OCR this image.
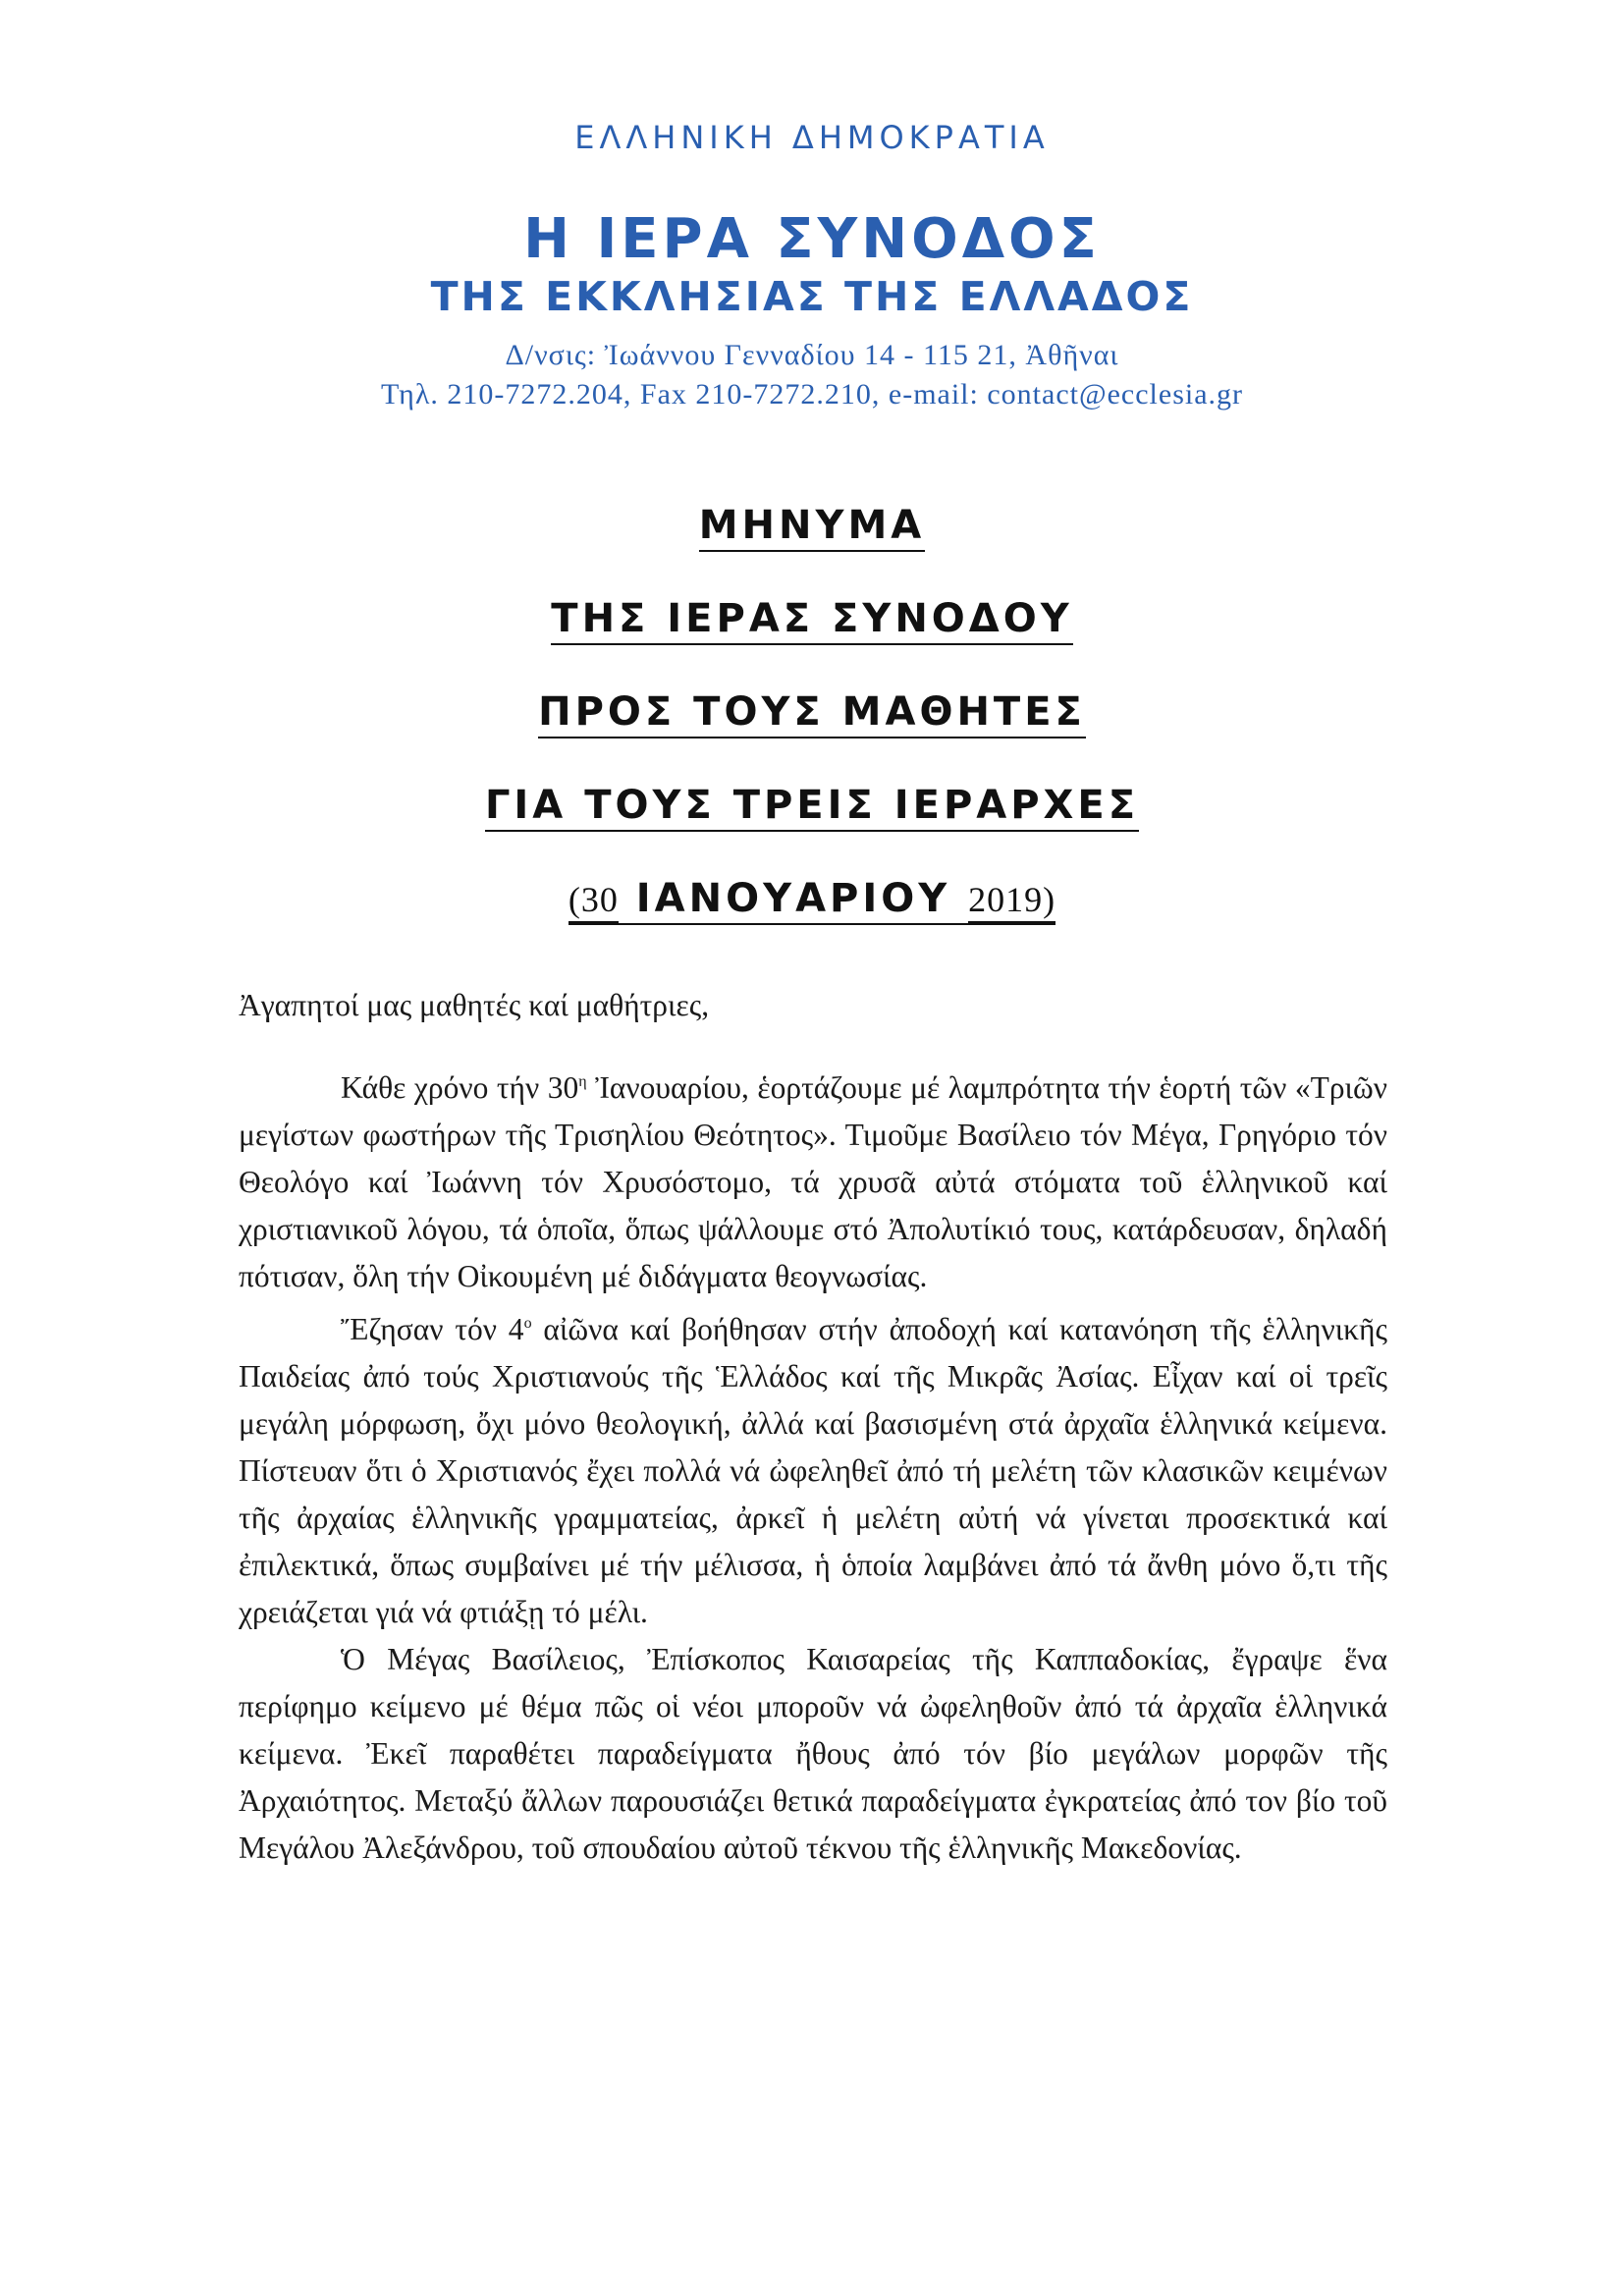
ΕΛΛΗΝΙΚΗ ΔΗΜΟΚΡΑΤΙΑ
Η ΙΕΡΑ ΣΥΝΟΔΟΣ
ΤΗΣ ΕΚΚΛΗΣΙΑΣ ΤΗΣ ΕΛΛΑΔΟΣ
Δ/νσις: Ἰωάννου Γενναδίου 14 - 115 21, Ἀθῆναι
Τηλ. 210-7272.204, Fax 210-7272.210, e-mail: contact@ecclesia.gr
ΜΗΝΥΜΑ
ΤΗΣ ΙΕΡΑΣ ΣΥΝΟΔΟΥ
ΠΡΟΣ ΤΟΥΣ ΜΑΘΗΤΕΣ
ΓΙΑ ΤΟΥΣ ΤΡΕΙΣ ΙΕΡΑΡΧΕΣ
(30 ΙΑΝΟΥΑΡΙΟΥ 2019)

Ἀγαπητοί μας μαθητές καί μαθήτριες,

Κάθε χρόνο τήν $30^\eta$ Ἰανουαρίου, ἑορτάζουμε μέ λαμπρότητα τήν ἑορτή τῶν «Τριῶν μεγίστων φωστήρων τῆς Τρισηλίου Θεότητος». Τιμοῦμε Βασίλειο τόν Μέγα, Γρηγόριο τόν Θεολόγο καί Ἰωάννη τόν Χρυσόστομο, τά χρυσᾶ αὐτά στόματα τοῦ ἑλληνικοῦ καί χριστιανικοῦ λόγου, τά ὁποῖα, ὅπως ψάλλουμε στό Ἀπολυτίκιό τους, κατάρδευσαν, δηλαδή πότισαν, ὅλη τήν Οἰκουμένη μέ διδάγματα θεογνωσίας.

Ἔζησαν τόν $4^o$ αἰῶνα καί βοήθησαν στήν ἀποδοχή καί κατανόηση τῆς ἑλληνικῆς Παιδείας ἀπό τούς Χριστιανούς τῆς Ἑλλάδος καί τῆς Μικρᾶς Ἀσίας. Εἶχαν καί οἱ τρεῖς μεγάλη μόρφωση, ὄχι μόνο θεολογική, ἀλλά καί βασισμένη στά ἀρχαῖα ἑλληνικά κείμενα. Πίστευαν ὅτι ὁ Χριστιανός ἔχει πολλά νά ὠφεληθεῖ ἀπό τή μελέτη τῶν κλασικῶν κειμένων τῆς ἀρχαίας ἑλληνικῆς γραμματείας, ἀρκεῖ ἡ μελέτη αὐτή νά γίνεται προσεκτικά καί ἐπιλεκτικά, ὅπως συμβαίνει μέ τήν μέλισσα, ἡ ὁποία λαμβάνει ἀπό τά ἄνθη μόνο ὅ,τι τῆς χρειάζεται γιά νά φτιάξῃ τό μέλι.

Ὁ Μέγας Βασίλειος, Ἐπίσκοπος Καισαρείας τῆς Καππαδοκίας, ἔγραψε ἕνα περίφημο κείμενο μέ θέμα πῶς οἱ νέοι μποροῦν νά ὠφεληθοῦν ἀπό τά ἀρχαῖα ἑλληνικά κείμενα. Ἐκεῖ παραθέτει παραδείγματα ἤθους ἀπό τόν βίο μεγάλων μορφῶν τῆς Ἀρχαιότητος. Μεταξύ ἄλλων παρουσιάζει θετικά παραδείγματα ἐγκρατείας ἀπό τον βίο τοῦ Μεγάλου Ἀλεξάνδρου, τοῦ σπουδαίου αὐτοῦ τέκνου τῆς ἑλληνικῆς Μακεδονίας.
